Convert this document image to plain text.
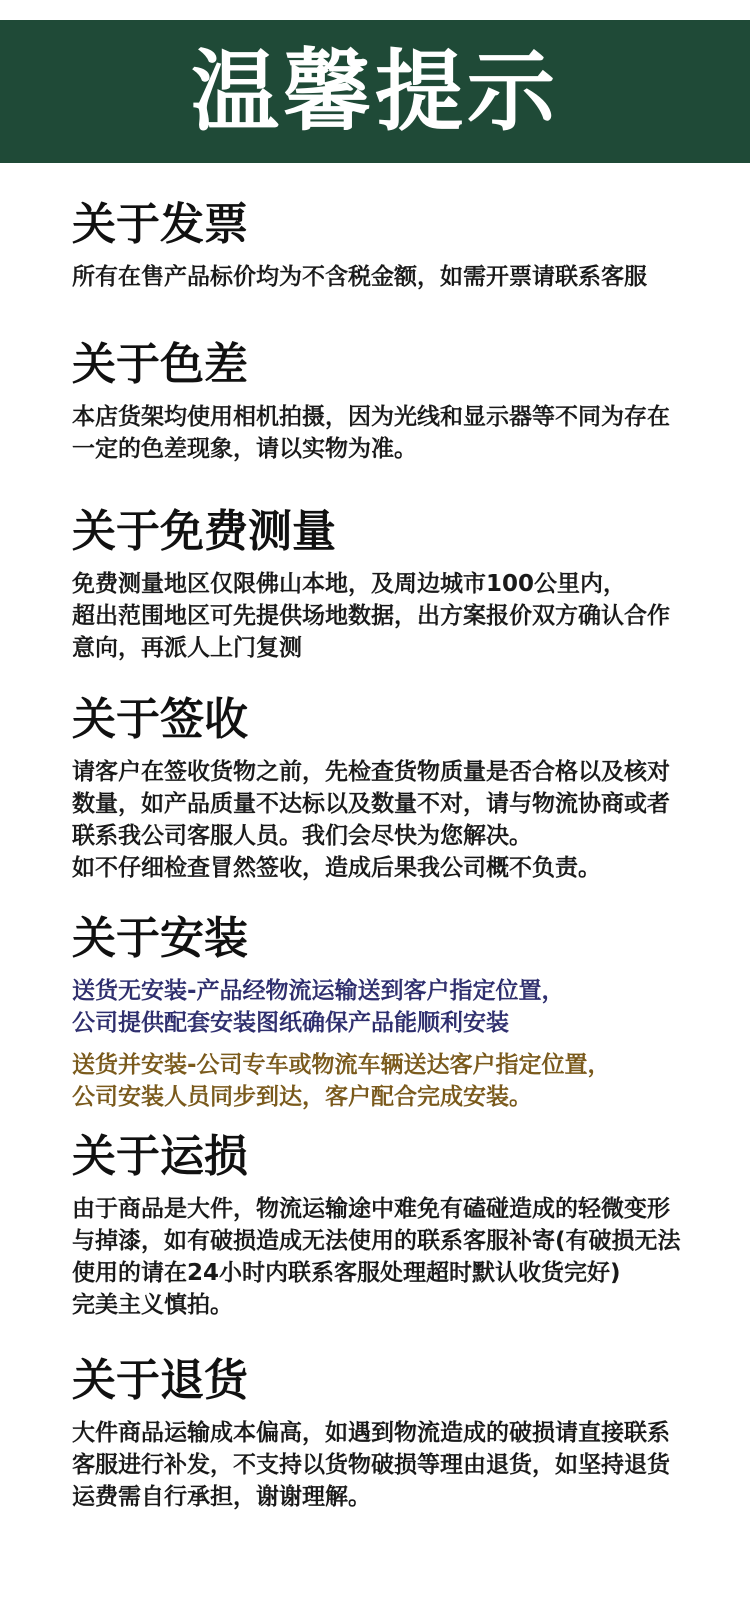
温馨提示
关于发票
所有在售产品标价均为不含税金额，如需开票请联系客服
关于色差
本店货架均使用相机拍摄，因为光线和显示器等不同为存在
一定的色差现象，请以实物为准。
关于免费测量
免费测量地区仅限佛山本地，及周边城市100公里内，
超出范围地区可先提供场地数据，出方案报价双方确认合作
意向，再派人上门复测
关于签收
请客户在签收货物之前，先检查货物质量是否合格以及核对
数量，如产品质量不达标以及数量不对，请与物流协商或者
联系我公司客服人员。我们会尽快为您解决。
如不仔细检查冒然签收，造成后果我公司概不负责。
关于安装
送货无安装-产品经物流运输送到客户指定位置，
公司提供配套安装图纸确保产品能顺利安装
送货并安装-公司专车或物流车辆送达客户指定位置，
公司安装人员同步到达，客户配合完成安装。
关于运损
由于商品是大件，物流运输途中难免有磕碰造成的轻微变形
与掉漆，如有破损造成无法使用的联系客服补寄(有破损无法
使用的请在24小时内联系客服处理超时默认收货完好)
完美主义慎拍。
关于退货
大件商品运输成本偏高，如遇到物流造成的破损请直接联系
客服进行补发，不支持以货物破损等理由退货，如坚持退货
运费需自行承担，谢谢理解。
